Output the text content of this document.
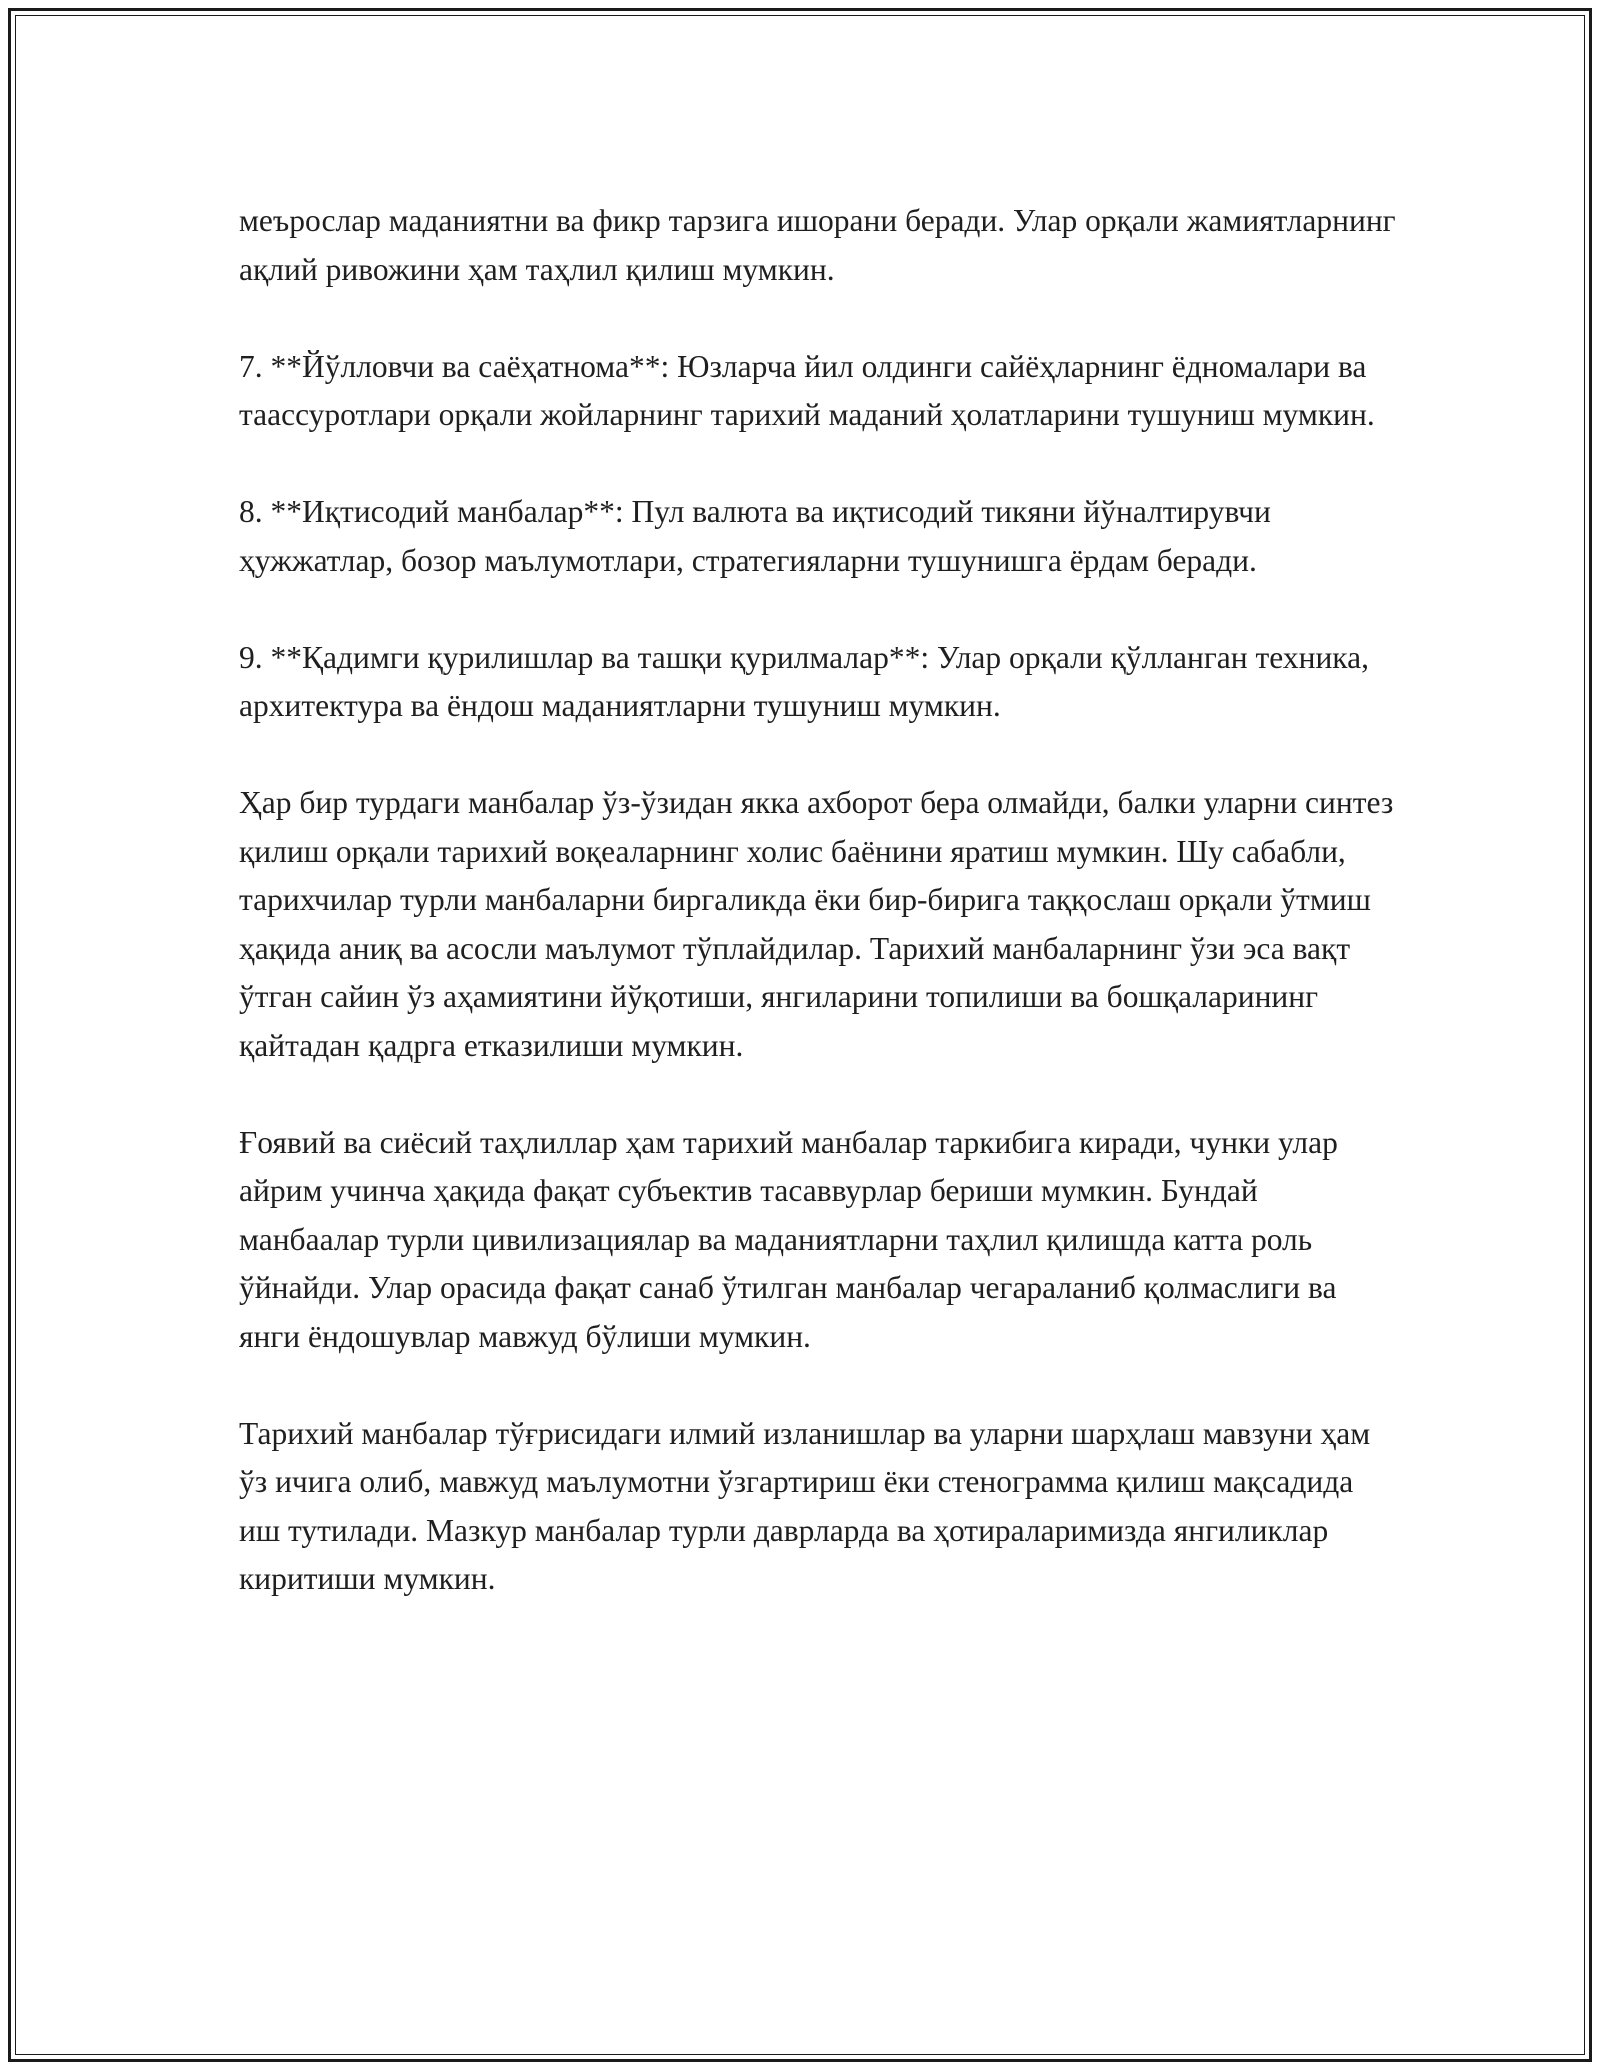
меърослар маданиятни ва фикр тарзига ишорани беради. Улар орқали жамиятларнинг ақлий ривожини ҳам таҳлил қилиш мумкин.

7. **Йўлловчи ва саёҳатнома**: Юзларча йил олдинги сайёҳларнинг ёдномалари ва таассуротлари орқали жойларнинг тарихий маданий ҳолатларини тушуниш мумкин.

8. **Иқтисодий манбалар**: Пул валюта ва иқтисодий тикяни йўналтирувчи ҳужжатлар, бозор маълумотлари, стратегияларни тушунишга ёрдам беради.

9. **Қадимги қурилишлар ва ташқи қурилмалар**: Улар орқали қўлланган техника, архитектура ва ёндош маданиятларни тушуниш мумкин.

Ҳар бир турдаги манбалар ўз-ўзидан якка ахборот бера олмайди, балки уларни синтез қилиш орқали тарихий воқеаларнинг холис баёнини яратиш мумкин. Шу сабабли, тарихчилар турли манбаларни биргаликда ёки бир-бирига таққослаш орқали ўтмиш ҳақида аниқ ва асосли маълумот тўплайдилар. Тарихий манбаларнинг ўзи эса вақт ўтган сайин ўз аҳамиятини йўқотиши, янгиларини топилиши ва бошқаларининг қайтадан қадрга етказилиши мумкин.

Ғоявий ва сиёсий таҳлиллар ҳам тарихий манбалар таркибига киради, чунки улар айрим учинча ҳақида фақат субъектив тасаввурлар бериши мумкин. Бундай манбаалар турли цивилизациялар ва маданиятларни таҳлил қилишда катта роль ўйнайди. Улар орасида фақат санаб ўтилган манбалар чегараланиб қолмаслиги ва янги ёндошувлар мавжуд бўлиши мумкин.

Тарихий манбалар тўғрисидаги илмий изланишлар ва уларни шарҳлаш мавзуни ҳам ўз ичига олиб, мавжуд маълумотни ўзгартириш ёки стенограмма қилиш мақсадида иш тутилади. Мазкур манбалар турли даврларда ва ҳотираларимизда янгиликлар киритиши мумкин.
